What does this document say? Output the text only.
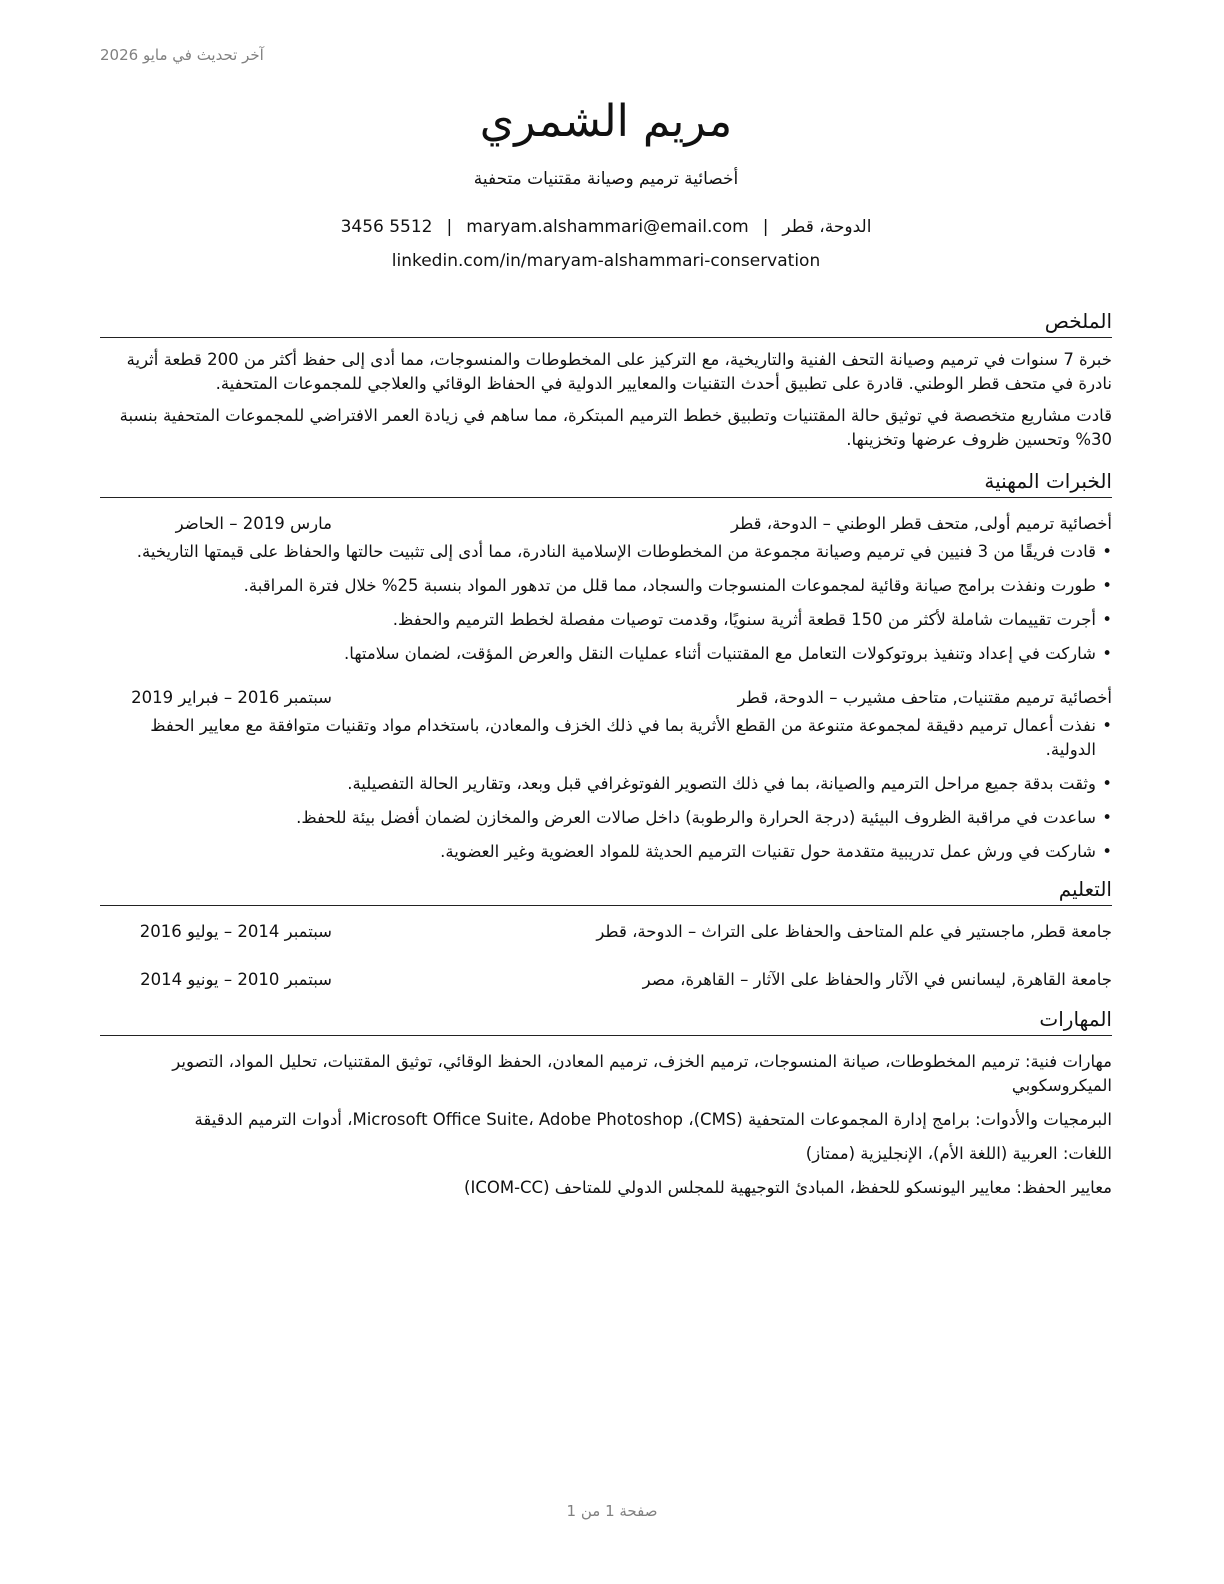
آخر تحديث في مايو 2026
مريم الشمري
أخصائية ترميم وصيانة مقتنيات متحفية
الدوحة، قطر|maryam.alshammari@email.com|3456 5512
linkedin.com/in/maryam-alshammari-conservation
الملخص

خبرة 7 سنوات في ترميم وصيانة التحف الفنية والتاريخية، مع التركيز على المخطوطات والمنسوجات، مما أدى إلى حفظ أكثر من 200 قطعة أثرية نادرة في متحف قطر الوطني. قادرة على تطبيق أحدث التقنيات والمعايير الدولية في الحفاظ الوقائي والعلاجي للمجموعات المتحفية.

قادت مشاريع متخصصة في توثيق حالة المقتنيات وتطبيق خطط الترميم المبتكرة، مما ساهم في زيادة العمر الافتراضي للمجموعات المتحفية بنسبة 30% وتحسين ظروف عرضها وتخزينها.

الخبرات المهنية
أخصائية ترميم أولى, متحف قطر الوطني – الدوحة، قطر
مارس 2019 – الحاضر
• قادت فريقًا من 3 فنيين في ترميم وصيانة مجموعة من المخطوطات الإسلامية النادرة، مما أدى إلى تثبيت حالتها والحفاظ على قيمتها التاريخية.
• طورت ونفذت برامج صيانة وقائية لمجموعات المنسوجات والسجاد، مما قلل من تدهور المواد بنسبة 25% خلال فترة المراقبة.
• أجرت تقييمات شاملة لأكثر من 150 قطعة أثرية سنويًا، وقدمت توصيات مفصلة لخطط الترميم والحفظ.
• شاركت في إعداد وتنفيذ بروتوكولات التعامل مع المقتنيات أثناء عمليات النقل والعرض المؤقت، لضمان سلامتها.
أخصائية ترميم مقتنيات, متاحف مشيرب – الدوحة، قطر
سبتمبر 2016 – فبراير 2019
• نفذت أعمال ترميم دقيقة لمجموعة متنوعة من القطع الأثرية بما في ذلك الخزف والمعادن، باستخدام مواد وتقنيات متوافقة مع معايير الحفظ الدولية.
• وثقت بدقة جميع مراحل الترميم والصيانة، بما في ذلك التصوير الفوتوغرافي قبل وبعد، وتقارير الحالة التفصيلية.
• ساعدت في مراقبة الظروف البيئية (درجة الحرارة والرطوبة) داخل صالات العرض والمخازن لضمان أفضل بيئة للحفظ.
• شاركت في ورش عمل تدريبية متقدمة حول تقنيات الترميم الحديثة للمواد العضوية وغير العضوية.
التعليم
جامعة قطر, ماجستير في علم المتاحف والحفاظ على التراث – الدوحة، قطر
سبتمبر 2014 – يوليو 2016
جامعة القاهرة, ليسانس في الآثار والحفاظ على الآثار – القاهرة، مصر
سبتمبر 2010 – يونيو 2014
المهارات
مهارات فنية: ترميم المخطوطات، صيانة المنسوجات، ترميم الخزف، ترميم المعادن، الحفظ الوقائي، توثيق المقتنيات، تحليل المواد، التصوير الميكروسكوبي
البرمجيات والأدوات: برامج إدارة المجموعات المتحفية (CMS)، Microsoft Office Suite، Adobe Photoshop، أدوات الترميم الدقيقة
اللغات: العربية (اللغة الأم)، الإنجليزية (ممتاز)
معايير الحفظ: معايير اليونسكو للحفظ، المبادئ التوجيهية للمجلس الدولي للمتاحف (ICOM-CC)
صفحة 1 من 1
